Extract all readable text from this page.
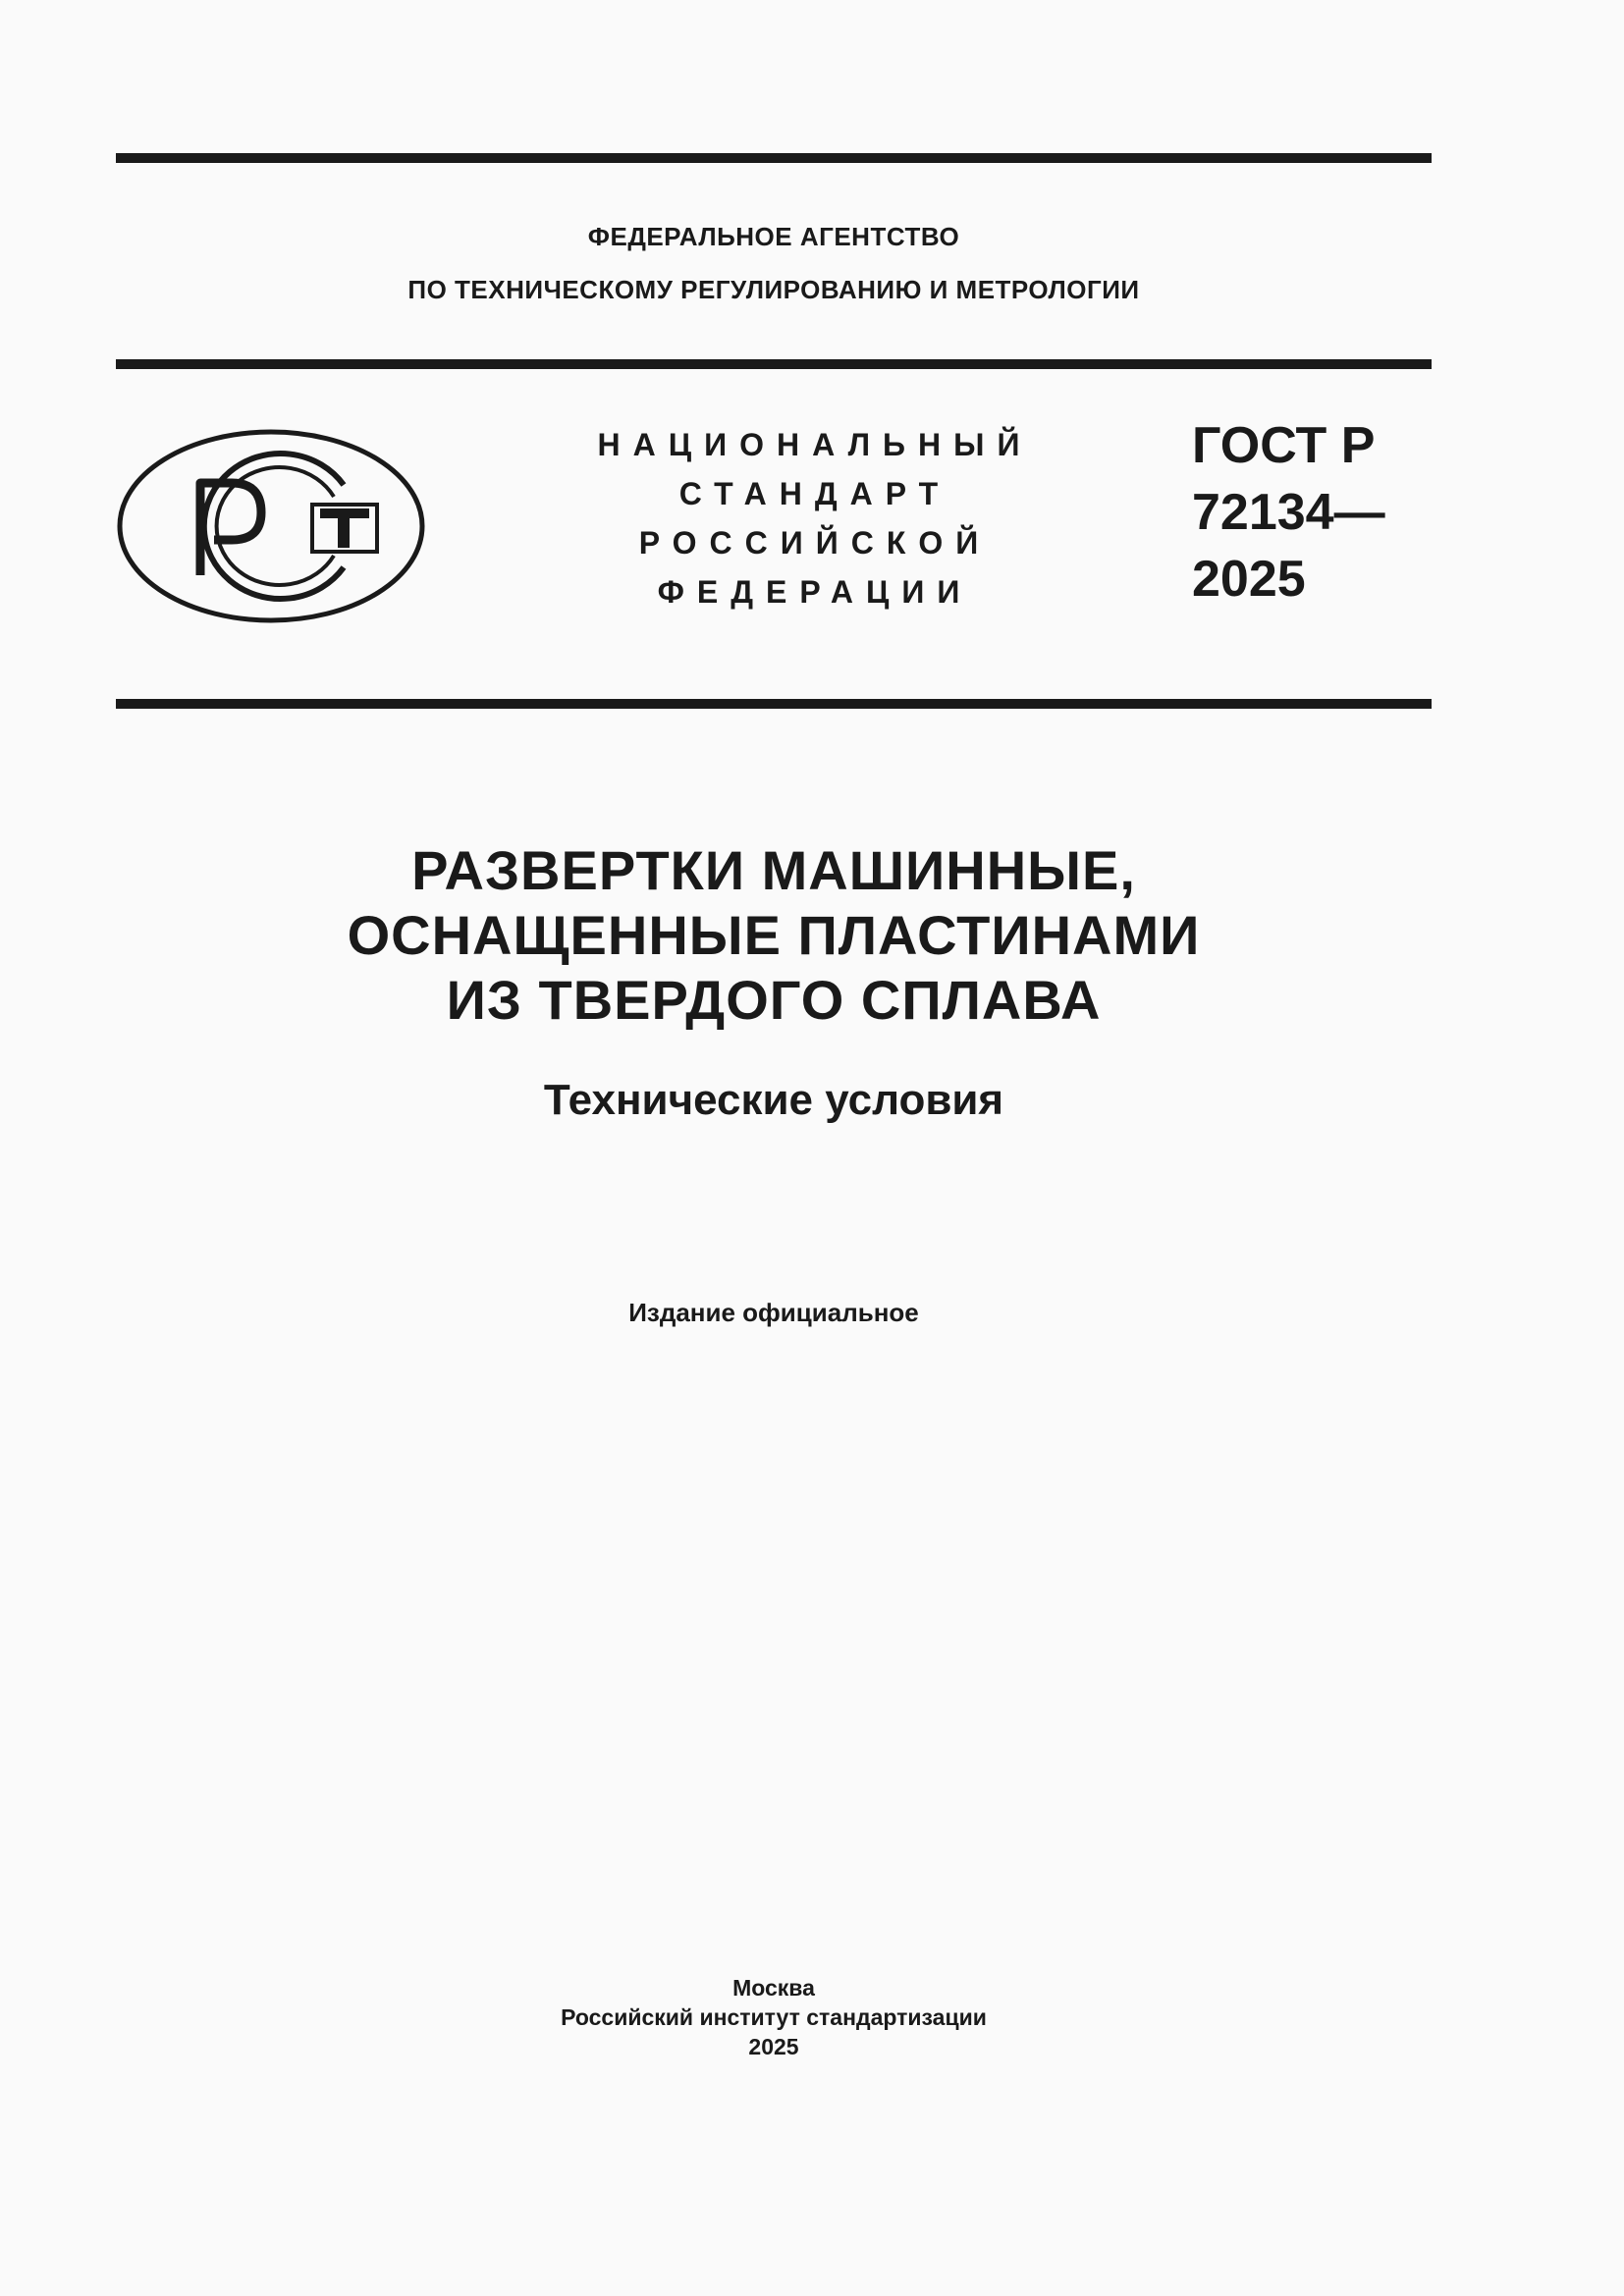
ФЕДЕРАЛЬНОЕ АГЕНТСТВО
ПО ТЕХНИЧЕСКОМУ РЕГУЛИРОВАНИЮ И МЕТРОЛОГИИ
НАЦИОНАЛЬНЫЙ
СТАНДАРТ
РОССИЙСКОЙ
ФЕДЕРАЦИИ
ГОСТ Р
72134—
2025
РАЗВЕРТКИ МАШИННЫЕ,
ОСНАЩЕННЫЕ ПЛАСТИНАМИ
ИЗ ТВЕРДОГО СПЛАВА
Технические условия
Издание официальное
Москва
Российский институт стандартизации
2025
